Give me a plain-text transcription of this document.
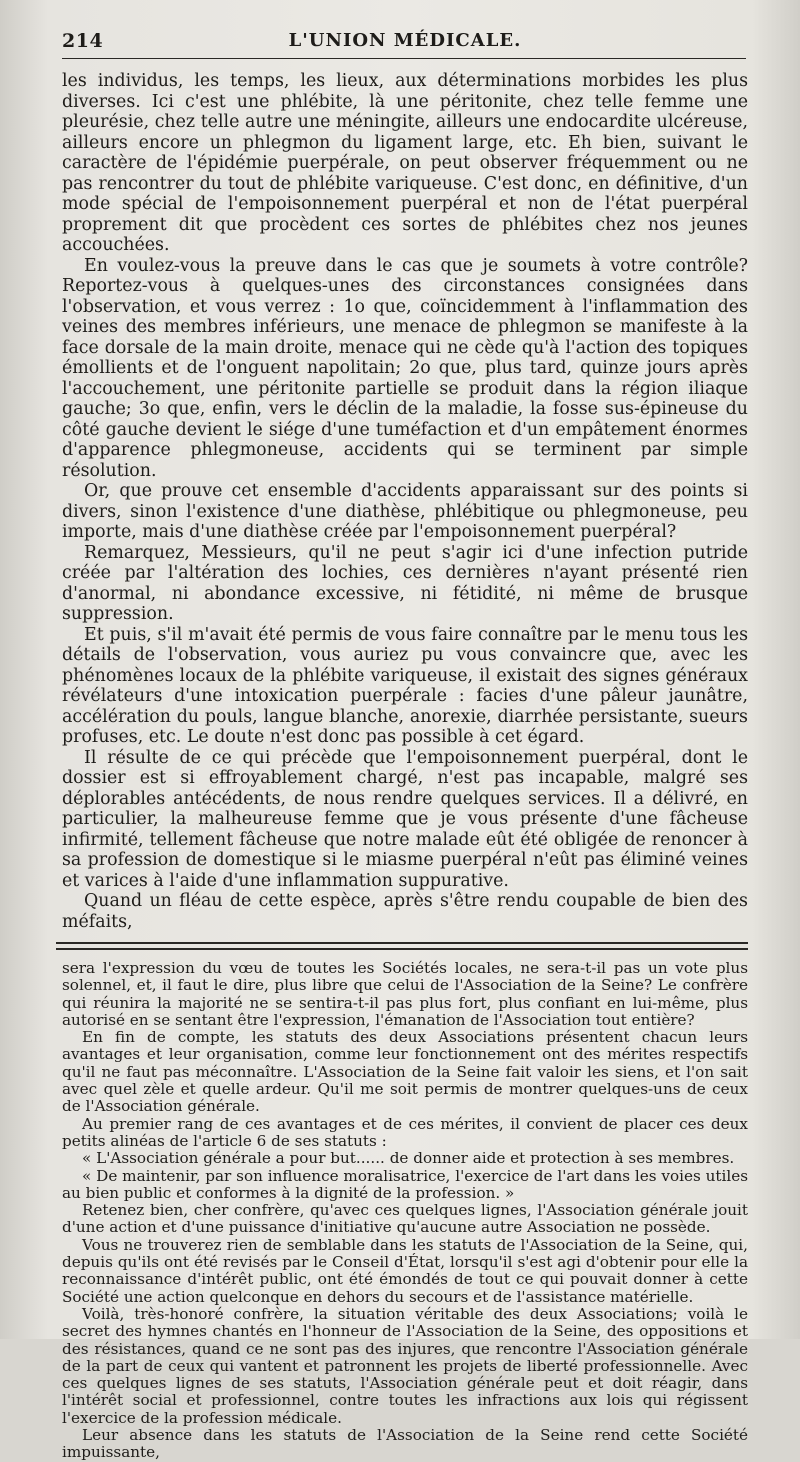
214	L'UNION MÉDICALE.

les individus, les temps, les lieux, aux déterminations morbides les plus diverses. Ici c'est une phlébite, là une péritonite, chez telle femme une pleurésie, chez telle autre une méningite, ailleurs une endocardite ulcéreuse, ailleurs encore un phlegmon du ligament large, etc. Eh bien, suivant le caractère de l'épidémie puerpérale, on peut observer fréquemment ou ne pas rencontrer du tout de phlébite variqueuse. C'est donc, en définitive, d'un mode spécial de l'empoisonnement puerpéral et non de l'état puerpéral proprement dit que procèdent ces sortes de phlébites chez nos jeunes accouchées.

En voulez-vous la preuve dans le cas que je soumets à votre contrôle? Reportez-vous à quelques-unes des circonstances consignées dans l'observation, et vous verrez : 1o que, coïncidemment à l'inflammation des veines des membres inférieurs, une menace de phlegmon se manifeste à la face dorsale de la main droite, menace qui ne cède qu'à l'action des topiques émollients et de l'onguent napolitain; 2o que, plus tard, quinze jours après l'accouchement, une péritonite partielle se produit dans la région iliaque gauche; 3o que, enfin, vers le déclin de la maladie, la fosse sus-épineuse du côté gauche devient le siége d'une tuméfaction et d'un empâtement énormes d'apparence phlegmoneuse, accidents qui se terminent par simple résolution.

Or, que prouve cet ensemble d'accidents apparaissant sur des points si divers, sinon l'existence d'une diathèse, phlébitique ou phlegmoneuse, peu importe, mais d'une diathèse créée par l'empoisonnement puerpéral?

Remarquez, Messieurs, qu'il ne peut s'agir ici d'une infection putride créée par l'altération des lochies, ces dernières n'ayant présenté rien d'anormal, ni abondance excessive, ni fétidité, ni même de brusque suppression.

Et puis, s'il m'avait été permis de vous faire connaître par le menu tous les détails de l'observation, vous auriez pu vous convaincre que, avec les phénomènes locaux de la phlébite variqueuse, il existait des signes généraux révélateurs d'une intoxication puerpérale : facies d'une pâleur jaunâtre, accélération du pouls, langue blanche, anorexie, diarrhée persistante, sueurs profuses, etc. Le doute n'est donc pas possible à cet égard.

Il résulte de ce qui précède que l'empoisonnement puerpéral, dont le dossier est si effroyablement chargé, n'est pas incapable, malgré ses déplorables antécédents, de nous rendre quelques services. Il a délivré, en particulier, la malheureuse femme que je vous présente d'une fâcheuse infirmité, tellement fâcheuse que notre malade eût été obligée de renoncer à sa profession de domestique si le miasme puerpéral n'eût pas éliminé veines et varices à l'aide d'une inflammation suppurative.

Quand un fléau de cette espèce, après s'être rendu coupable de bien des méfaits,

sera l'expression du vœu de toutes les Sociétés locales, ne sera-t-il pas un vote plus solennel, et, il faut le dire, plus libre que celui de l'Association de la Seine? Le confrère qui réunira la majorité ne se sentira-t-il pas plus fort, plus confiant en lui-même, plus autorisé en se sentant être l'expression, l'émanation de l'Association tout entière?

En fin de compte, les statuts des deux Associations présentent chacun leurs avantages et leur organisation, comme leur fonctionnement ont des mérites respectifs qu'il ne faut pas méconnaître. L'Association de la Seine fait valoir les siens, et l'on sait avec quel zèle et quelle ardeur. Qu'il me soit permis de montrer quelques-uns de ceux de l'Association générale.

Au premier rang de ces avantages et de ces mérites, il convient de placer ces deux petits alinéas de l'article 6 de ses statuts :

« L'Association générale a pour but...... de donner aide et protection à ses membres.

« De maintenir, par son influence moralisatrice, l'exercice de l'art dans les voies utiles au bien public et conformes à la dignité de la profession. »

Retenez bien, cher confrère, qu'avec ces quelques lignes, l'Association générale jouit d'une action et d'une puissance d'initiative qu'aucune autre Association ne possède.

Vous ne trouverez rien de semblable dans les statuts de l'Association de la Seine, qui, depuis qu'ils ont été revisés par le Conseil d'État, lorsqu'il s'est agi d'obtenir pour elle la reconnaissance d'intérêt public, ont été émondés de tout ce qui pouvait donner à cette Société une action quelconque en dehors du secours et de l'assistance matérielle.

Voilà, très-honoré confrère, la situation véritable des deux Associations; voilà le secret des hymnes chantés en l'honneur de l'Association de la Seine, des oppositions et des résistances, quand ce ne sont pas des injures, que rencontre l'Association générale de la part de ceux qui vantent et patronnent les projets de liberté professionnelle. Avec ces quelques lignes de ses statuts, l'Association générale peut et doit réagir, dans l'intérêt social et professionnel, contre toutes les infractions aux lois qui régissent l'exercice de la profession médicale.

Leur absence dans les statuts de l'Association de la Seine rend cette Société impuissante,
